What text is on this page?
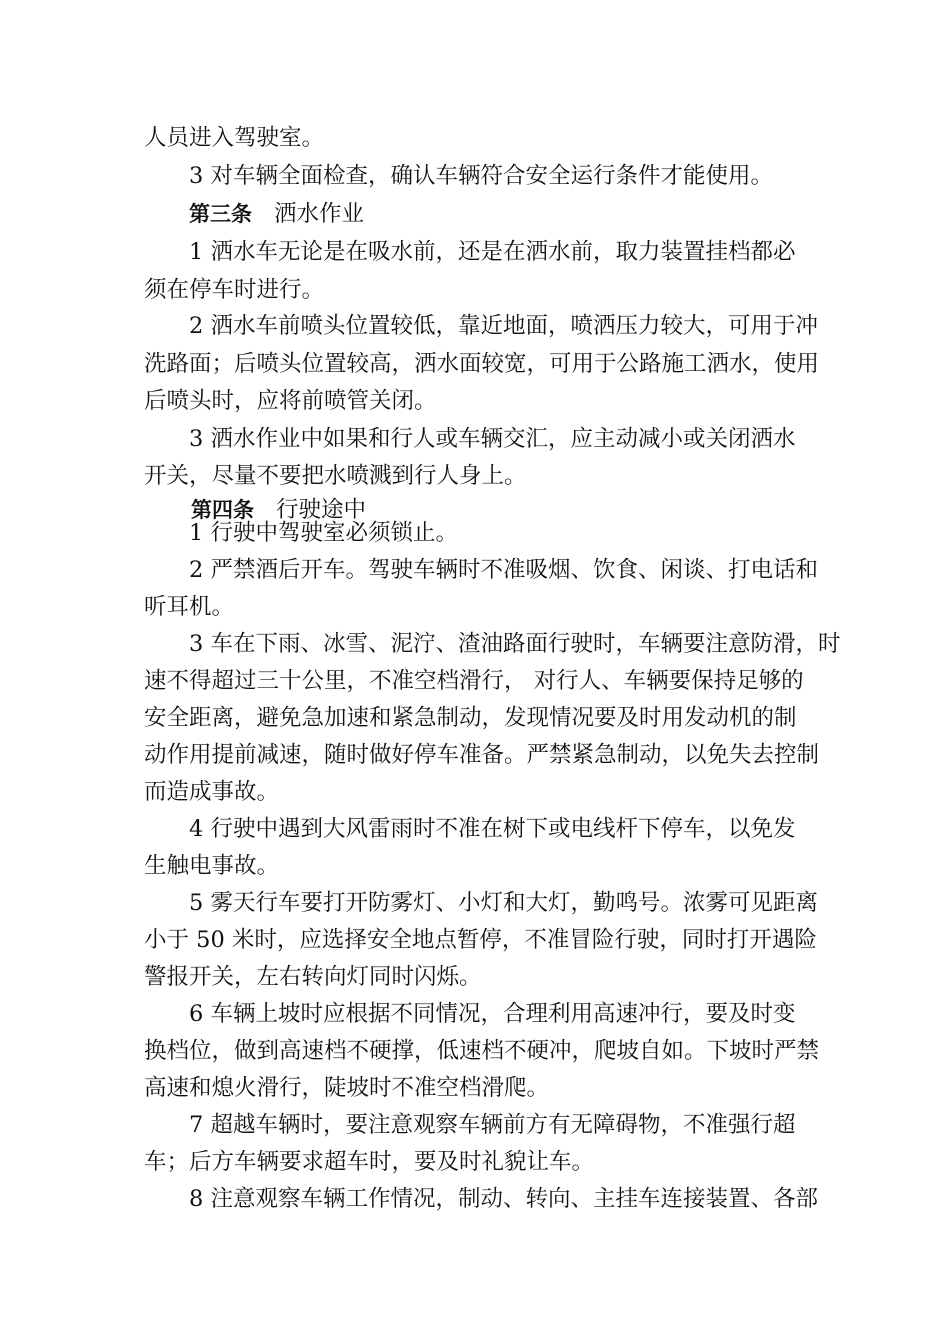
人员进入驾驶室。
3 对车辆全面检查，确认车辆符合安全运行条件才能使用。
第三条 洒水作业
1 洒水车无论是在吸水前，还是在洒水前，取力装置挂档都必
须在停车时进行。
2 洒水车前喷头位置较低，靠近地面，喷洒压力较大，可用于冲
洗路面；后喷头位置较高，洒水面较宽，可用于公路施工洒水，使用
后喷头时，应将前喷管关闭。
3 洒水作业中如果和行人或车辆交汇，应主动减小或关闭洒水
开关，尽量不要把水喷溅到行人身上。
第四条 行驶途中
1 行驶中驾驶室必须锁止。
2 严禁酒后开车。驾驶车辆时不准吸烟、饮食、闲谈、打电话和
听耳机。
3 车在下雨、冰雪、泥泞、渣油路面行驶时，车辆要注意防滑，时
速不得超过三十公里，不准空档滑行， 对行人、车辆要保持足够的
安全距离，避免急加速和紧急制动，发现情况要及时用发动机的制
动作用提前减速，随时做好停车准备。严禁紧急制动，以免失去控制
而造成事故。
4 行驶中遇到大风雷雨时不准在树下或电线杆下停车，以免发
生触电事故。
5 雾天行车要打开防雾灯、小灯和大灯，勤鸣号。浓雾可见距离
小于 50 米时，应选择安全地点暂停，不准冒险行驶，同时打开遇险
警报开关，左右转向灯同时闪烁。
6 车辆上坡时应根据不同情况，合理利用高速冲行，要及时变
换档位，做到高速档不硬撑，低速档不硬冲，爬坡自如。下坡时严禁
高速和熄火滑行，陡坡时不准空档滑爬。
7 超越车辆时，要注意观察车辆前方有无障碍物，不准强行超
车；后方车辆要求超车时，要及时礼貌让车。
8 注意观察车辆工作情况，制动、转向、主挂车连接装置、各部
